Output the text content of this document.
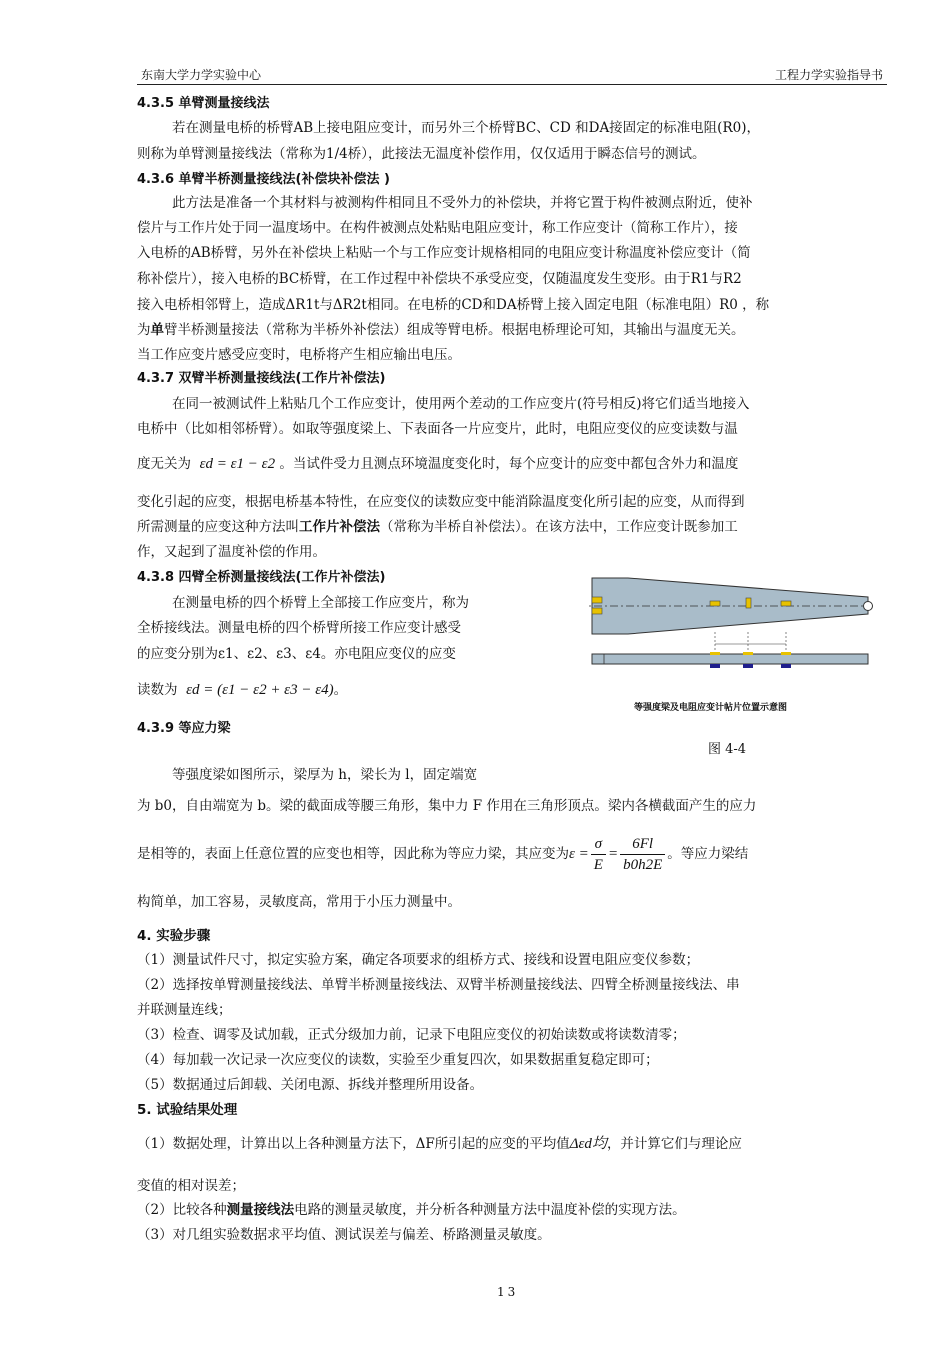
东南大学力学实验中心	工程力学实验指导书
4.3.5 单臂测量接线法
若在测量电桥的桥臂AB上接电阻应变计，而另外三个桥臂BC、CD 和DA接固定的标准电阻(R0)，
则称为单臂测量接线法（常称为1/4桥），此接法无温度补偿作用，仅仅适用于瞬态信号的测试。
4.3.6 单臂半桥测量接线法(补偿块补偿法 )
此方法是准备一个其材料与被测构件相同且不受外力的补偿块，并将它置于构件被测点附近，使补
偿片与工作片处于同一温度场中。在构件被测点处粘贴电阻应变计，称工作应变计（简称工作片），接
入电桥的AB桥臂，另外在补偿块上粘贴一个与工作应变计规格相同的电阻应变计称温度补偿应变计（简
称补偿片），接入电桥的BC桥臂，在工作过程中补偿块不承受应变，仅随温度发生变形。由于R1与R2
接入电桥相邻臂上，造成ΔR1t与ΔR2t相同。在电桥的CD和DA桥臂上接入固定电阻（标准电阻）R0 ，称
为单臂半桥测量接法（常称为半桥外补偿法）组成等臂电桥。根据电桥理论可知，其输出与温度无关。
当工作应变片感受应变时，电桥将产生相应输出电压。
4.3.7 双臂半桥测量接线法(工作片补偿法)
在同一被测试件上粘贴几个工作应变计，使用两个差动的工作应变片(符号相反)将它们适当地接入
电桥中（比如相邻桥臂）。如取等强度梁上、下表面各一片应变片，此时，电阻应变仪的应变读数与温
度无关为 εd = ε1 − ε2 。当试件受力且测点环境温度变化时，每个应变计的应变中都包含外力和温度
变化引起的应变，根据电桥基本特性，在应变仪的读数应变中能消除温度变化所引起的应变，从而得到
所需测量的应变这种方法叫工作片补偿法（常称为半桥自补偿法）。在该方法中，工作应变计既参加工
作，又起到了温度补偿的作用。
4.3.8 四臂全桥测量接线法(工作片补偿法)
在测量电桥的四个桥臂上全部接工作应变片，称为
全桥接线法。测量电桥的四个桥臂所接工作应变计感受
的应变分别为ε1、ε2、ε3、ε4。亦电阻应变仪的应变
读数为 εd = (ε1 − ε2 + ε3 − ε4)。
等强度梁及电阻应变计帖片位置示意图
图 4-4
4.3.9 等应力梁
等强度梁如图所示，梁厚为 h，梁长为 l，固定端宽
为 b0，自由端宽为 b。梁的截面成等腰三角形，集中力 F 作用在三角形顶点。梁内各横截面产生的应力
是相等的，表面上任意位置的应变也相等，因此称为等应力梁，其应变为$\varepsilon = \frac{\sigma}{E} = \frac{6Fl}{b0h2E}$ 。等应力梁结
构简单，加工容易，灵敏度高，常用于小压力测量中。
4. 实验步骤
（1）测量试件尺寸，拟定实验方案，确定各项要求的组桥方式、接线和设置电阻应变仪参数；
（2）选择按单臂测量接线法、单臂半桥测量接线法、双臂半桥测量接线法、四臂全桥测量接线法、串
并联测量连线；
（3）检查、调零及试加载，正式分级加力前，记录下电阻应变仪的初始读数或将读数清零；
（4）每加载一次记录一次应变仪的读数，实验至少重复四次，如果数据重复稳定即可；
（5）数据通过后卸载、关闭电源、拆线并整理所用设备。
5. 试验结果处理
（1）数据处理，计算出以上各种测量方法下，ΔF所引起的应变的平均值Δεd均，并计算它们与理论应
变值的相对误差；
（2）比较各种测量接线法电路的测量灵敏度，并分析各种测量方法中温度补偿的实现方法。
（3）对几组实验数据求平均值、测试误差与偏差、桥路测量灵敏度。
13
